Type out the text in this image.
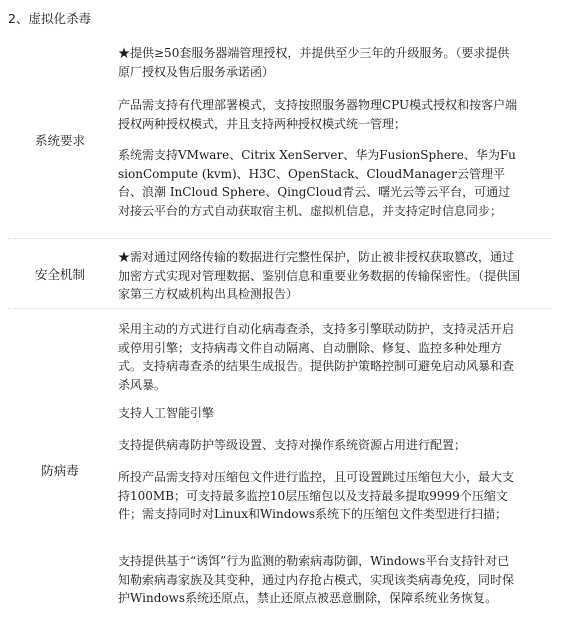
2、虚拟化杀毒
系统要求
★提供≥50套服务器端管理授权，并提供至少三年的升级服务。（要求提供原厂授权及售后服务承诺函）
产品需支持有代理部署模式，支持按照服务器物理CPU模式授权和按客户端授权两种授权模式，并且支持两种授权模式统一管理；
系统需支持VMware、Citrix XenServer、华为FusionSphere、华为FusionCompute (kvm)、H3C、OpenStack、CloudManager云管理平台、浪潮 InCloud Sphere、QingCloud青云、曙光云等云平台，可通过对接云平台的方式自动获取宿主机、虚拟机信息，并支持定时信息同步；
安全机制
★需对通过网络传输的数据进行完整性保护，防止被非授权获取篡改，通过加密方式实现对管理数据、鉴别信息和重要业务数据的传输保密性。（提供国家第三方权威机构出具检测报告）
防病毒
采用主动的方式进行自动化病毒查杀，支持多引擎联动防护，支持灵活开启或停用引擎；支持病毒文件自动隔离、自动删除、修复、监控多种处理方式。支持病毒查杀的结果生成报告。提供防护策略控制可避免启动风暴和查杀风暴。
支持人工智能引擎
支持提供病毒防护等级设置、支持对操作系统资源占用进行配置；
所投产品需支持对压缩包文件进行监控，且可设置跳过压缩包大小，最大支持100MB；可支持最多监控10层压缩包以及支持最多提取9999个压缩文件；需支持同时对Linux和Windows系统下的压缩包文件类型进行扫描；
支持提供基于“诱饵”行为监测的勒索病毒防御，Windows平台支持针对已知勒索病毒家族及其变种，通过内存抢占模式，实现该类病毒免疫，同时保护Windows系统还原点，禁止还原点被恶意删除，保障系统业务恢复。
